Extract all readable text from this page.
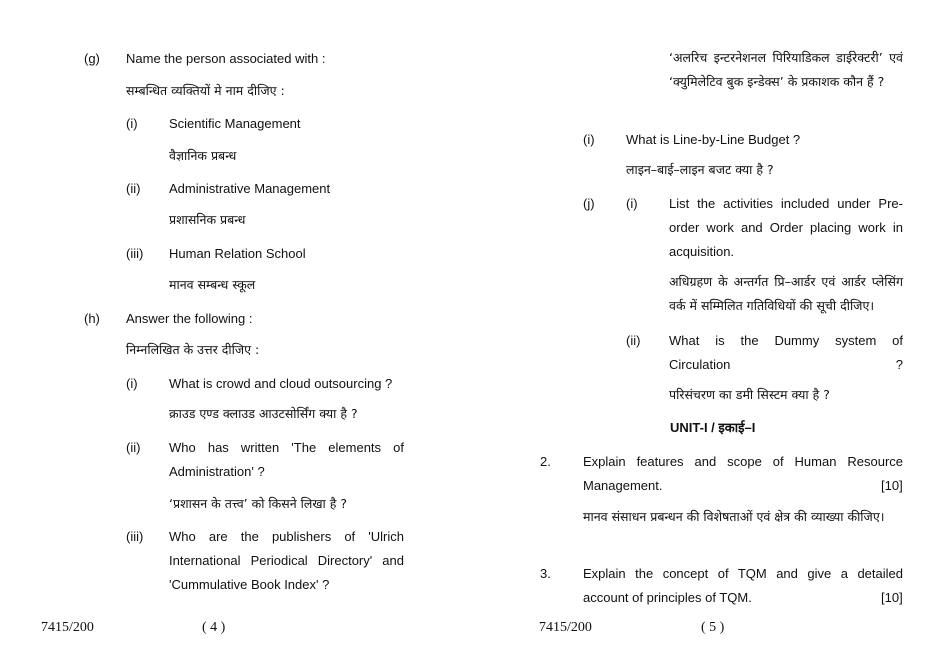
(g) Name the person associated with :
सम्बन्धित व्यक्तियों मे नाम दीजिए :
(i) Scientific Management
वैज्ञानिक प्रबन्ध
(ii) Administrative Management
प्रशासनिक प्रबन्ध
(iii) Human Relation School
मानव सम्बन्ध स्कूल
(h) Answer the following :
निम्नलिखित के उत्तर दीजिए :
(i) What is crowd and cloud outsourcing ?
क्राउड एण्ड क्लाउड आउटसोर्सिंग क्या है ?
(ii) Who has written 'The elements of Administration' ?
‘प्रशासन के तत्त्व’ को किसने लिखा है ?
(iii) Who are the publishers of 'Ulrich International Periodical Directory' and 'Cummulative Book Index' ?
7415/200	( 4 )
‘अलरिच इन्टरनेशनल पिरियाडिकल डाईरेक्टरी’ एवं ‘क्युमिलेटिव बुक इन्डेक्स’ के प्रकाशक कौन हैं ?
(i) What is Line-by-Line Budget ?
लाइन–बाई–लाइन बजट क्या है ?
(j) (i) List the activities included under Pre-order work and Order placing work in acquisition.
अधिग्रहण के अन्तर्गत प्रि–आर्डर एवं आर्डर प्लेसिंग वर्क में सम्मिलित गतिविधियों की सूची दीजिए।
(ii) What is the Dummy system of Circulation ?
परिसंचरण का डमी सिस्टम क्या है ?
UNIT-I / इकाई–I
2. Explain features and scope of Human Resource Management.	[10]
मानव संसाधन प्रबन्धन की विशेषताओं एवं क्षेत्र की व्याख्या कीजिए।
3. Explain the concept of TQM and give a detailed account of principles of TQM.	[10]
7415/200	( 5 )
